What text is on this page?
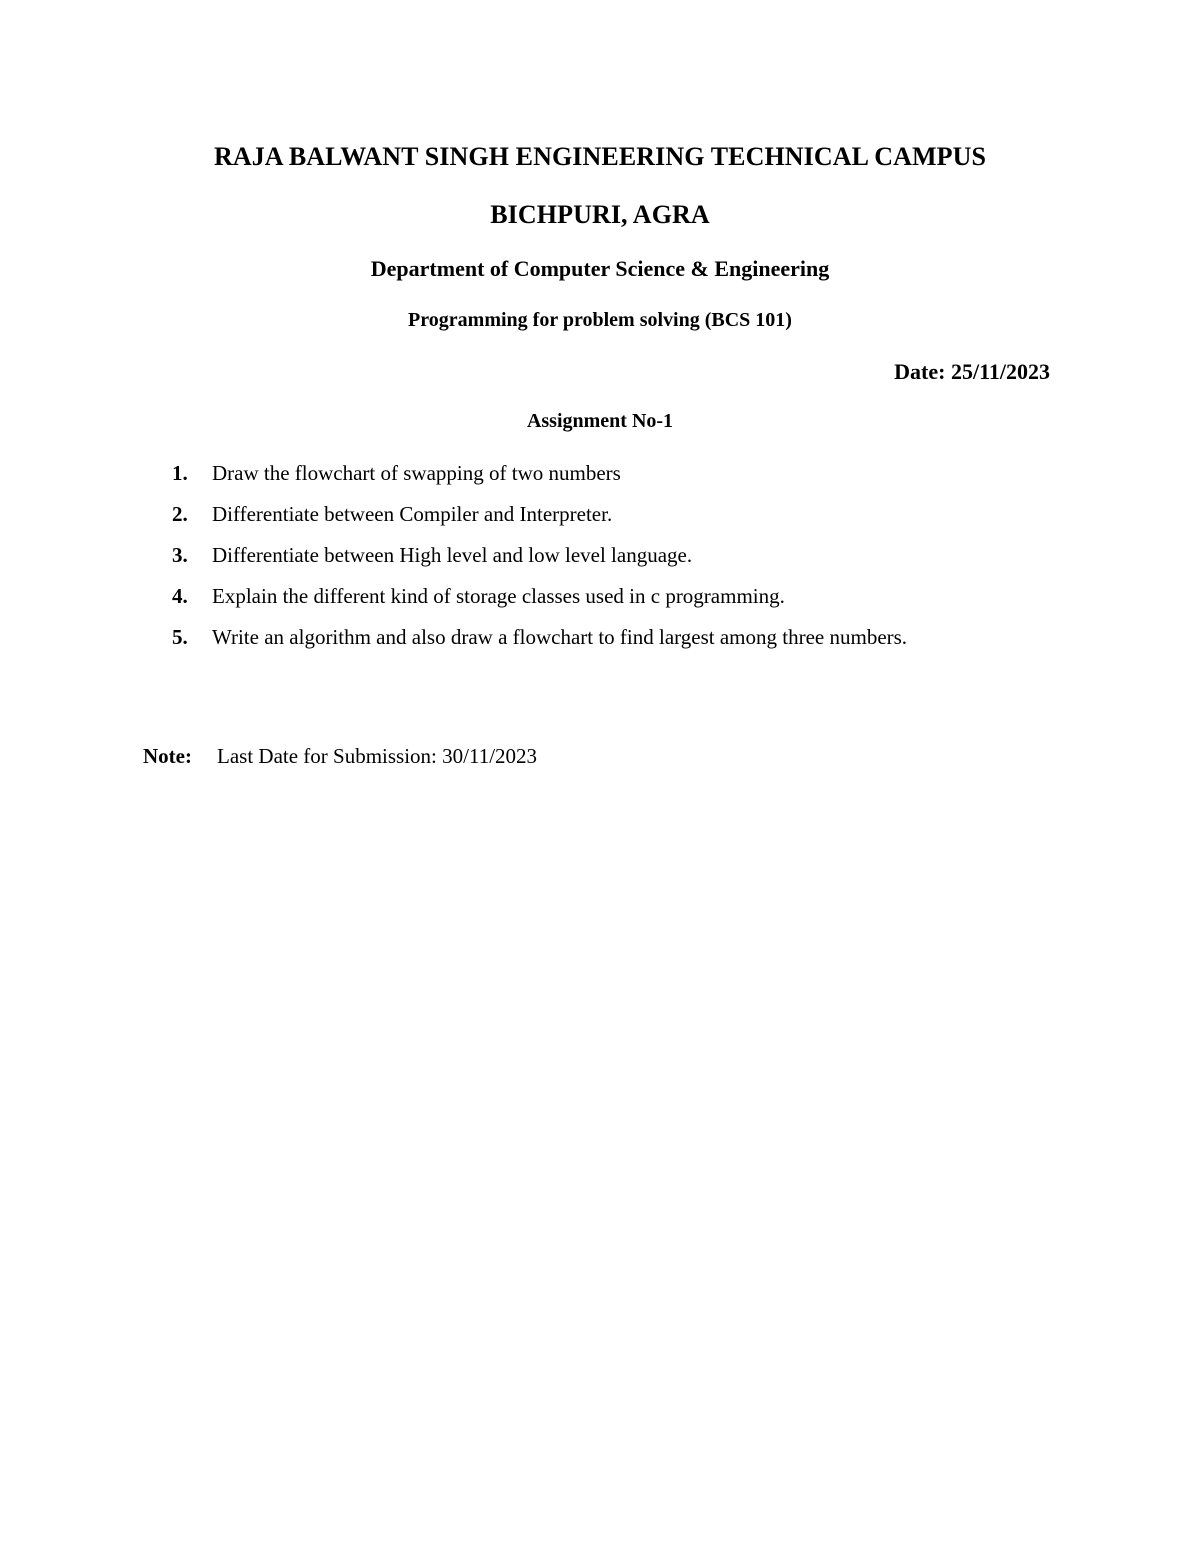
RAJA BALWANT SINGH ENGINEERING TECHNICAL CAMPUS
BICHPURI, AGRA
Department of Computer Science & Engineering
Programming for problem solving (BCS 101)
Date: 25/11/2023
Assignment No-1
1. Draw the flowchart of swapping of two numbers
2. Differentiate between Compiler and Interpreter.
3. Differentiate between High level and low level language.
4. Explain the different kind of storage classes used in c programming.
5. Write an algorithm and also draw a flowchart to find largest among three numbers.
Note: Last Date for Submission: 30/11/2023
